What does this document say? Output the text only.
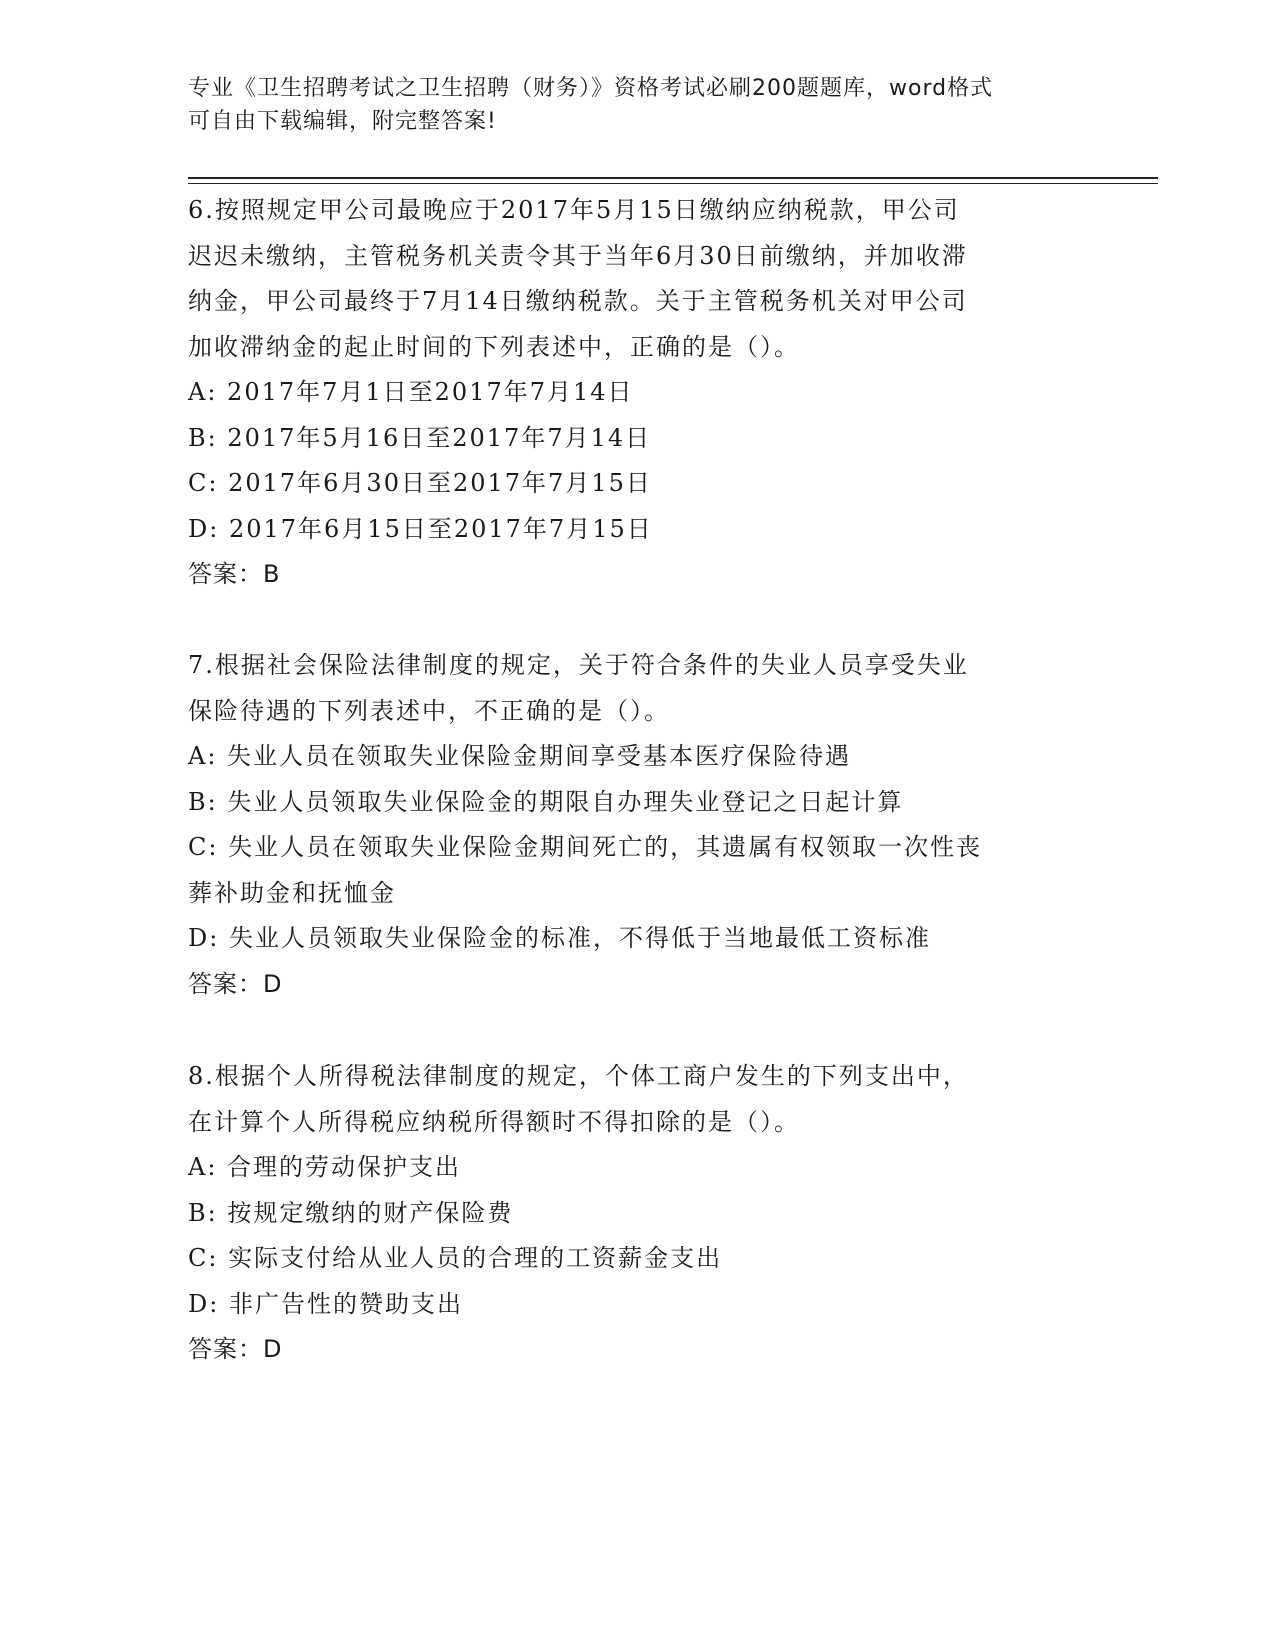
专业《卫生招聘考试之卫生招聘（财务）》资格考试必刷200题题库，word格式
可自由下载编辑，附完整答案!
6.按照规定甲公司最晚应于2017年5月15日缴纳应纳税款，甲公司
迟迟未缴纳，主管税务机关责令其于当年6月30日前缴纳，并加收滞
纳金，甲公司最终于7月14日缴纳税款。关于主管税务机关对甲公司
加收滞纳金的起止时间的下列表述中，正确的是（）。
A: 2017年7月1日至2017年7月14日
B: 2017年5月16日至2017年7月14日
C: 2017年6月30日至2017年7月15日
D: 2017年6月15日至2017年7月15日
答案：B
7.根据社会保险法律制度的规定，关于符合条件的失业人员享受失业
保险待遇的下列表述中，不正确的是（）。
A: 失业人员在领取失业保险金期间享受基本医疗保险待遇
B: 失业人员领取失业保险金的期限自办理失业登记之日起计算
C: 失业人员在领取失业保险金期间死亡的，其遗属有权领取一次性丧
葬补助金和抚恤金
D: 失业人员领取失业保险金的标准，不得低于当地最低工资标准
答案：D
8.根据个人所得税法律制度的规定，个体工商户发生的下列支出中，
在计算个人所得税应纳税所得额时不得扣除的是（）。
A: 合理的劳动保护支出
B: 按规定缴纳的财产保险费
C: 实际支付给从业人员的合理的工资薪金支出
D: 非广告性的赞助支出
答案：D
